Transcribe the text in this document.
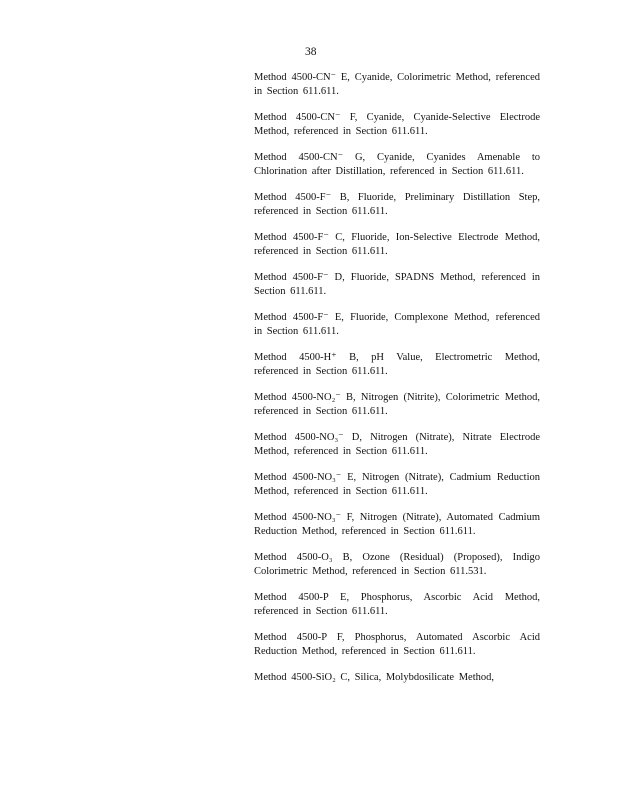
38

Method 4500-CN⁻ E, Cyanide, Colorimetric Method, referenced in Section 611.611.

Method 4500-CN⁻ F, Cyanide, Cyanide-Selective Electrode Method, referenced in Section 611.611.

Method 4500-CN⁻ G, Cyanide, Cyanides Amenable to Chlorination after Distillation, referenced in Section 611.611.

Method 4500-F⁻ B, Fluoride, Preliminary Distillation Step, referenced in Section 611.611.

Method 4500-F⁻ C, Fluoride, Ion-Selective Electrode Method, referenced in Section 611.611.

Method 4500-F⁻ D, Fluoride, SPADNS Method, referenced in Section 611.611.

Method 4500-F⁻ E, Fluoride, Complexone Method, referenced in Section 611.611.

Method 4500-H⁺ B, pH Value, Electrometric Method, referenced in Section 611.611.

Method 4500-NO₂⁻ B, Nitrogen (Nitrite), Colorimetric Method, referenced in Section 611.611.

Method 4500-NO₃⁻ D, Nitrogen (Nitrate), Nitrate Electrode Method, referenced in Section 611.611.

Method 4500-NO₃⁻ E, Nitrogen (Nitrate), Cadmium Reduction Method, referenced in Section 611.611.

Method 4500-NO₃⁻ F, Nitrogen (Nitrate), Automated Cadmium Reduction Method, referenced in Section 611.611.

Method 4500-O₃ B, Ozone (Residual) (Proposed), Indigo Colorimetric Method, referenced in Section 611.531.

Method 4500-P E, Phosphorus, Ascorbic Acid Method, referenced in Section 611.611.

Method 4500-P F, Phosphorus, Automated Ascorbic Acid Reduction Method, referenced in Section 611.611.

Method 4500-SiO₂ C, Silica, Molybdosilicate Method,
